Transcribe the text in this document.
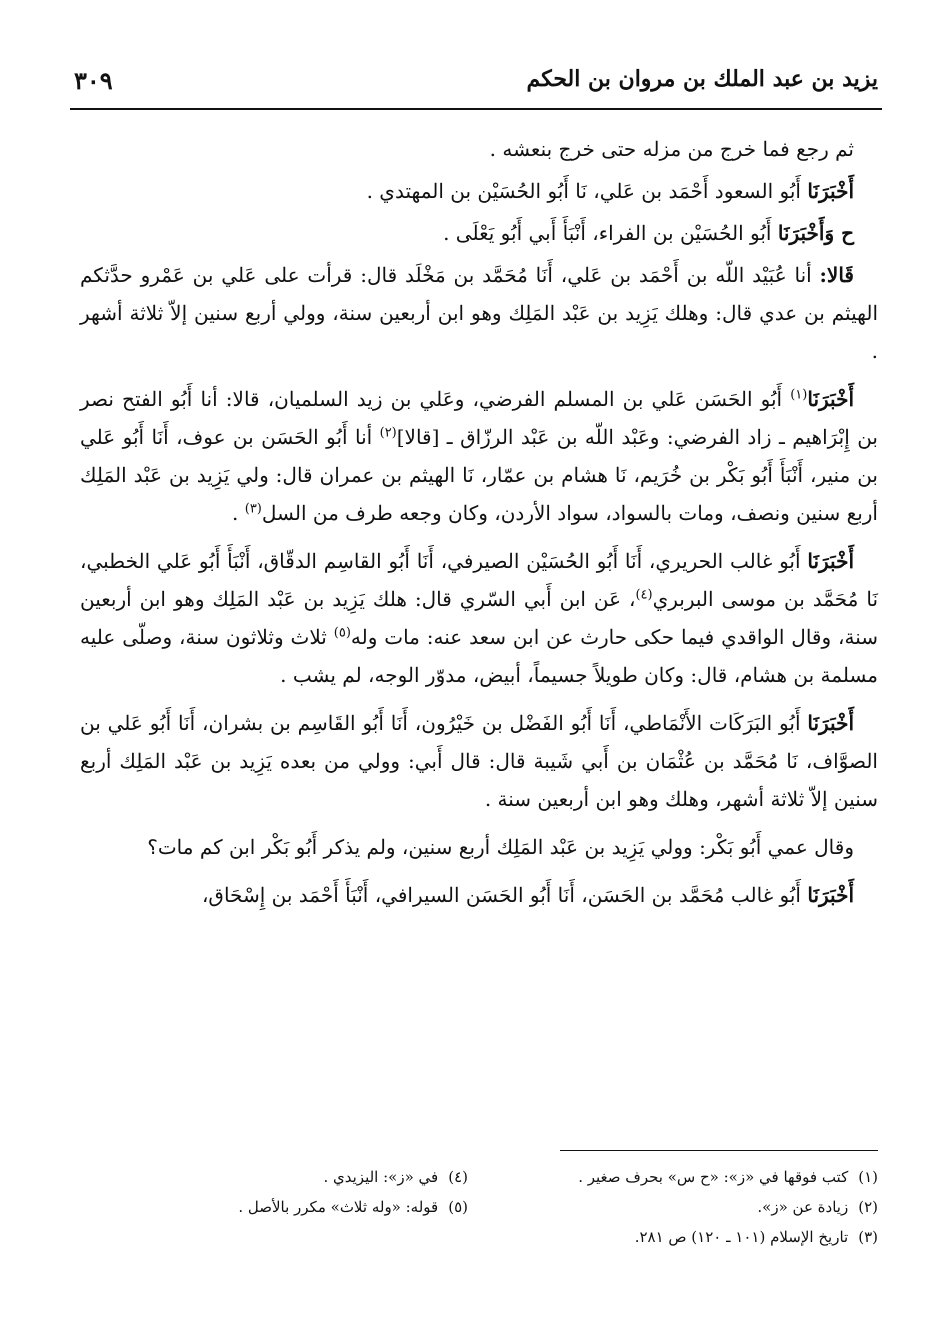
يزيد بن عبد الملك بن مروان بن الحكم
٣٠٩

ثم رجع فما خرج من مزله حتى خرج بنعشه .

أَخْبَرَنَا أَبُو السعود أَحْمَد بن عَلي، نَا أَبُو الحُسَيْن بن المهتدي .

ح وَأَخْبَرَنَا أَبُو الحُسَيْن بن الفراء، أَنْبَأَ أَبي أَبُو يَعْلَى .

قَالا: أنا عُبَيْد اللّه بن أَحْمَد بن عَلي، أَنَا مُحَمَّد بن مَخْلَد قال: قرأت على عَلي بن عَمْرو حدَّثكم الهيثم بن عدي قال: وهلك يَزِيد بن عَبْد المَلِك وهو ابن أربعين سنة، وولي أربع سنين إلاّ ثلاثة أشهر .

أَخْبَرَنَا$^{(١)}$ أَبُو الحَسَن عَلي بن المسلم الفرضي، وعَلي بن زيد السلميان، قالا: أنا أَبُو الفتح نصر بن إِبْرَاهيم ـ زاد الفرضي: وعَبْد اللّه بن عَبْد الرزّاق ـ [قالا]$^{(٢)}$ أنا أَبُو الحَسَن بن عوف، أَنَا أَبُو عَلي بن منير، أَنْبَأَ أَبُو بَكْر بن خُرَيم، نَا هشام بن عمّار، نَا الهيثم بن عمران قال: ولي يَزِيد بن عَبْد المَلِك أربع سنين ونصف، ومات بالسواد، سواد الأردن، وكان وجعه طرف من السل$^{(٣)}$ .

أَخْبَرَنَا أَبُو غالب الحريري، أَنَا أَبُو الحُسَيْن الصيرفي، أَنَا أَبُو القاسِم الدقّاق، أَنْبَأَ أَبُو عَلي الخطبي، نَا مُحَمَّد بن موسى البربري$^{(٤)}$، عَن ابن أَبي السّري قال: هلك يَزِيد بن عَبْد المَلِك وهو ابن أربعين سنة، وقال الواقدي فيما حكى حارث عن ابن سعد عنه: مات وله$^{(٥)}$ ثلاث وثلاثون سنة، وصلّى عليه مسلمة بن هشام، قال: وكان طويلاً جسيماً، أبيض، مدوّر الوجه، لم يشب .

أَخْبَرَنَا أَبُو البَرَكَات الأَنْمَاطي، أَنَا أَبُو الفَضْل بن خَيْرُون، أَنَا أَبُو القَاسِم بن بشران، أَنَا أَبُو عَلي بن الصوَّاف، نَا مُحَمَّد بن عُثْمَان بن أَبي شَيبة قال: قال أَبي: وولي من بعده يَزِيد بن عَبْد المَلِك أربع سنين إلاّ ثلاثة أشهر، وهلك وهو ابن أربعين سنة .

وقال عمي أَبُو بَكْر: وولي يَزِيد بن عَبْد المَلِك أربع سنين، ولم يذكر أَبُو بَكْر ابن كم مات؟

أَخْبَرَنَا أَبُو غالب مُحَمَّد بن الحَسَن، أَنَا أَبُو الحَسَن السيرافي، أَنْبَأَ أَحْمَد بن إِسْحَاق،

(١)كتب فوقها في «ز»: «ح س» بحرف صغير .
(٢)زيادة عن «ز».
(٣)تاريخ الإسلام (١٠١ ـ ١٢٠) ص ٢٨١.
(٤)في «ز»: اليزيدي .
(٥)قوله: «وله ثلاث» مكرر بالأصل .
